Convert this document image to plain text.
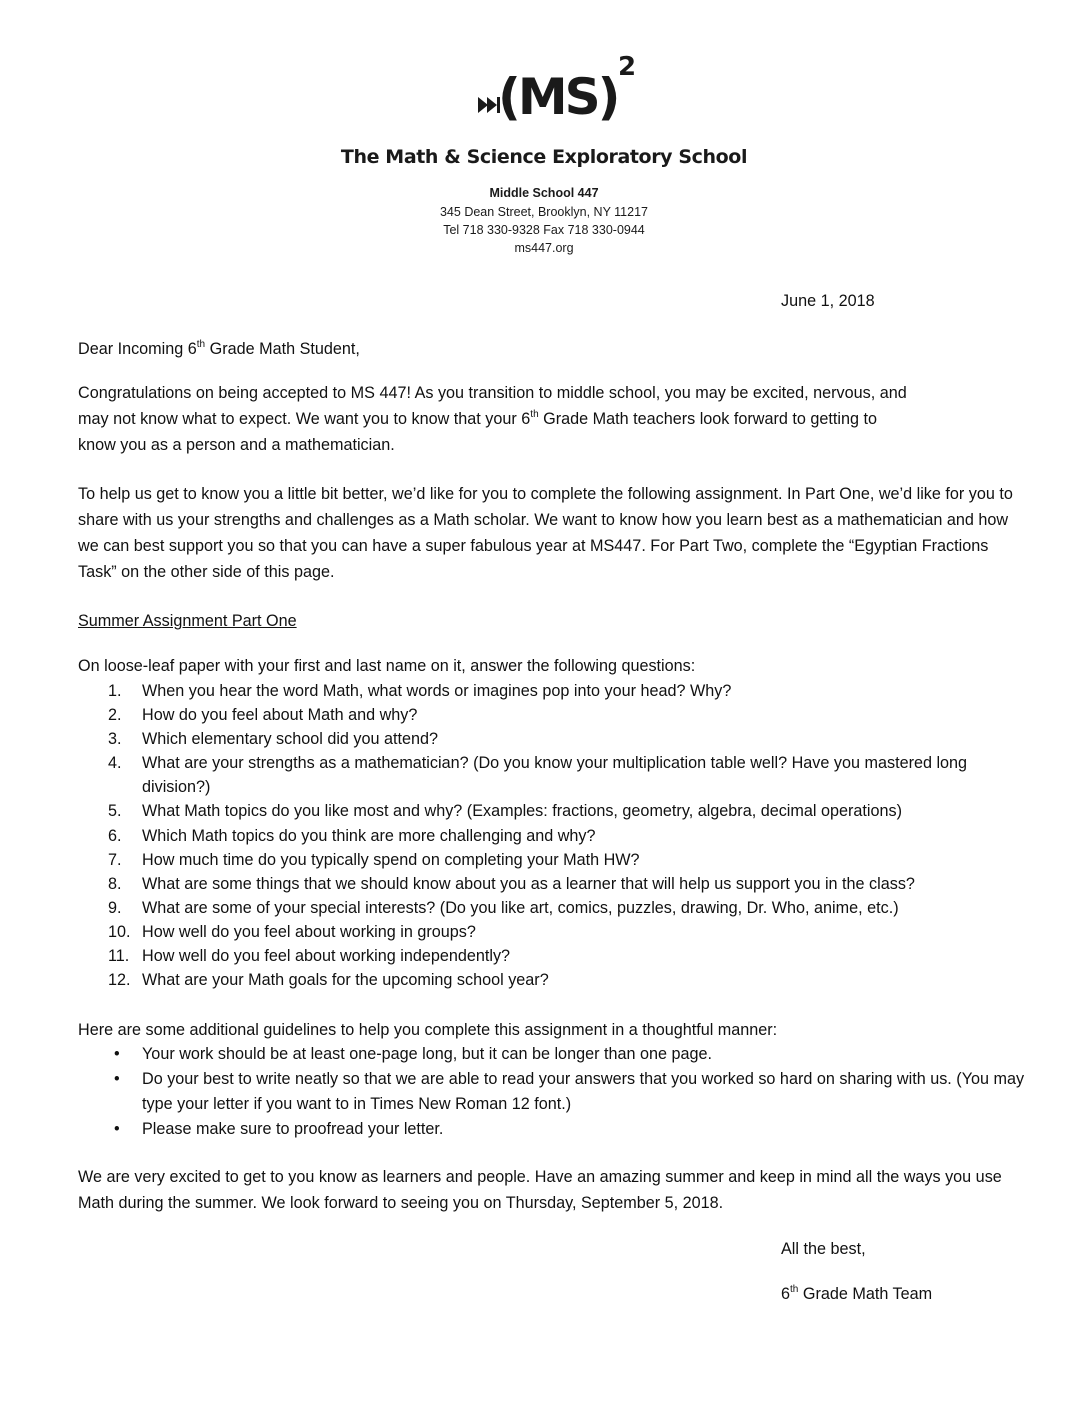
(MS)
2
The Math & Science Exploratory School
Middle School 447
345 Dean Street, Brooklyn, NY 11217
Tel 718 330-9328 Fax 718 330-0944
ms447.org
June 1, 2018
Dear Incoming 6th Grade Math Student,
Congratulations on being accepted to MS 447! As you transition to middle school, you may be excited, nervous, and
may not know what to expect. We want you to know that your 6th Grade Math teachers look forward to getting to
know you as a person and a mathematician.
To help us get to know you a little bit better, we’d like for you to complete the following assignment. In Part One, we’d like for you to share with us your strengths and challenges as a Math scholar. We want to know how you learn best as a mathematician and how we can best support you so that you can have a super fabulous year at MS447. For Part Two, complete the “Egyptian Fractions Task” on the other side of this page.
Summer Assignment Part One
On loose-leaf paper with your first and last name on it, answer the following questions:
1.	When you hear the word Math, what words or imagines pop into your head? Why?
2.	How do you feel about Math and why?
3.	Which elementary school did you attend?
4.	What are your strengths as a mathematician? (Do you know your multiplication table well? Have you mastered long division?)
5.	What Math topics do you like most and why? (Examples: fractions, geometry, algebra, decimal operations)
6.	Which Math topics do you think are more challenging and why?
7.	How much time do you typically spend on completing your Math HW?
8.	What are some things that we should know about you as a learner that will help us support you in the class?
9.	What are some of your special interests? (Do you like art, comics, puzzles, drawing, Dr. Who, anime, etc.)
10. How well do you feel about working in groups?
11. How well do you feel about working independently?
12. What are your Math goals for the upcoming school year?
Here are some additional guidelines to help you complete this assignment in a thoughtful manner:
• Your work should be at least one-page long, but it can be longer than one page.
• Do your best to write neatly so that we are able to read your answers that you worked so hard on sharing with us. (You may type your letter if you want to in Times New Roman 12 font.)
• Please make sure to proofread your letter.
We are very excited to get to you know as learners and people. Have an amazing summer and keep in mind all the ways you use Math during the summer. We look forward to seeing you on Thursday, September 5, 2018.
All the best,
6th Grade Math Team
